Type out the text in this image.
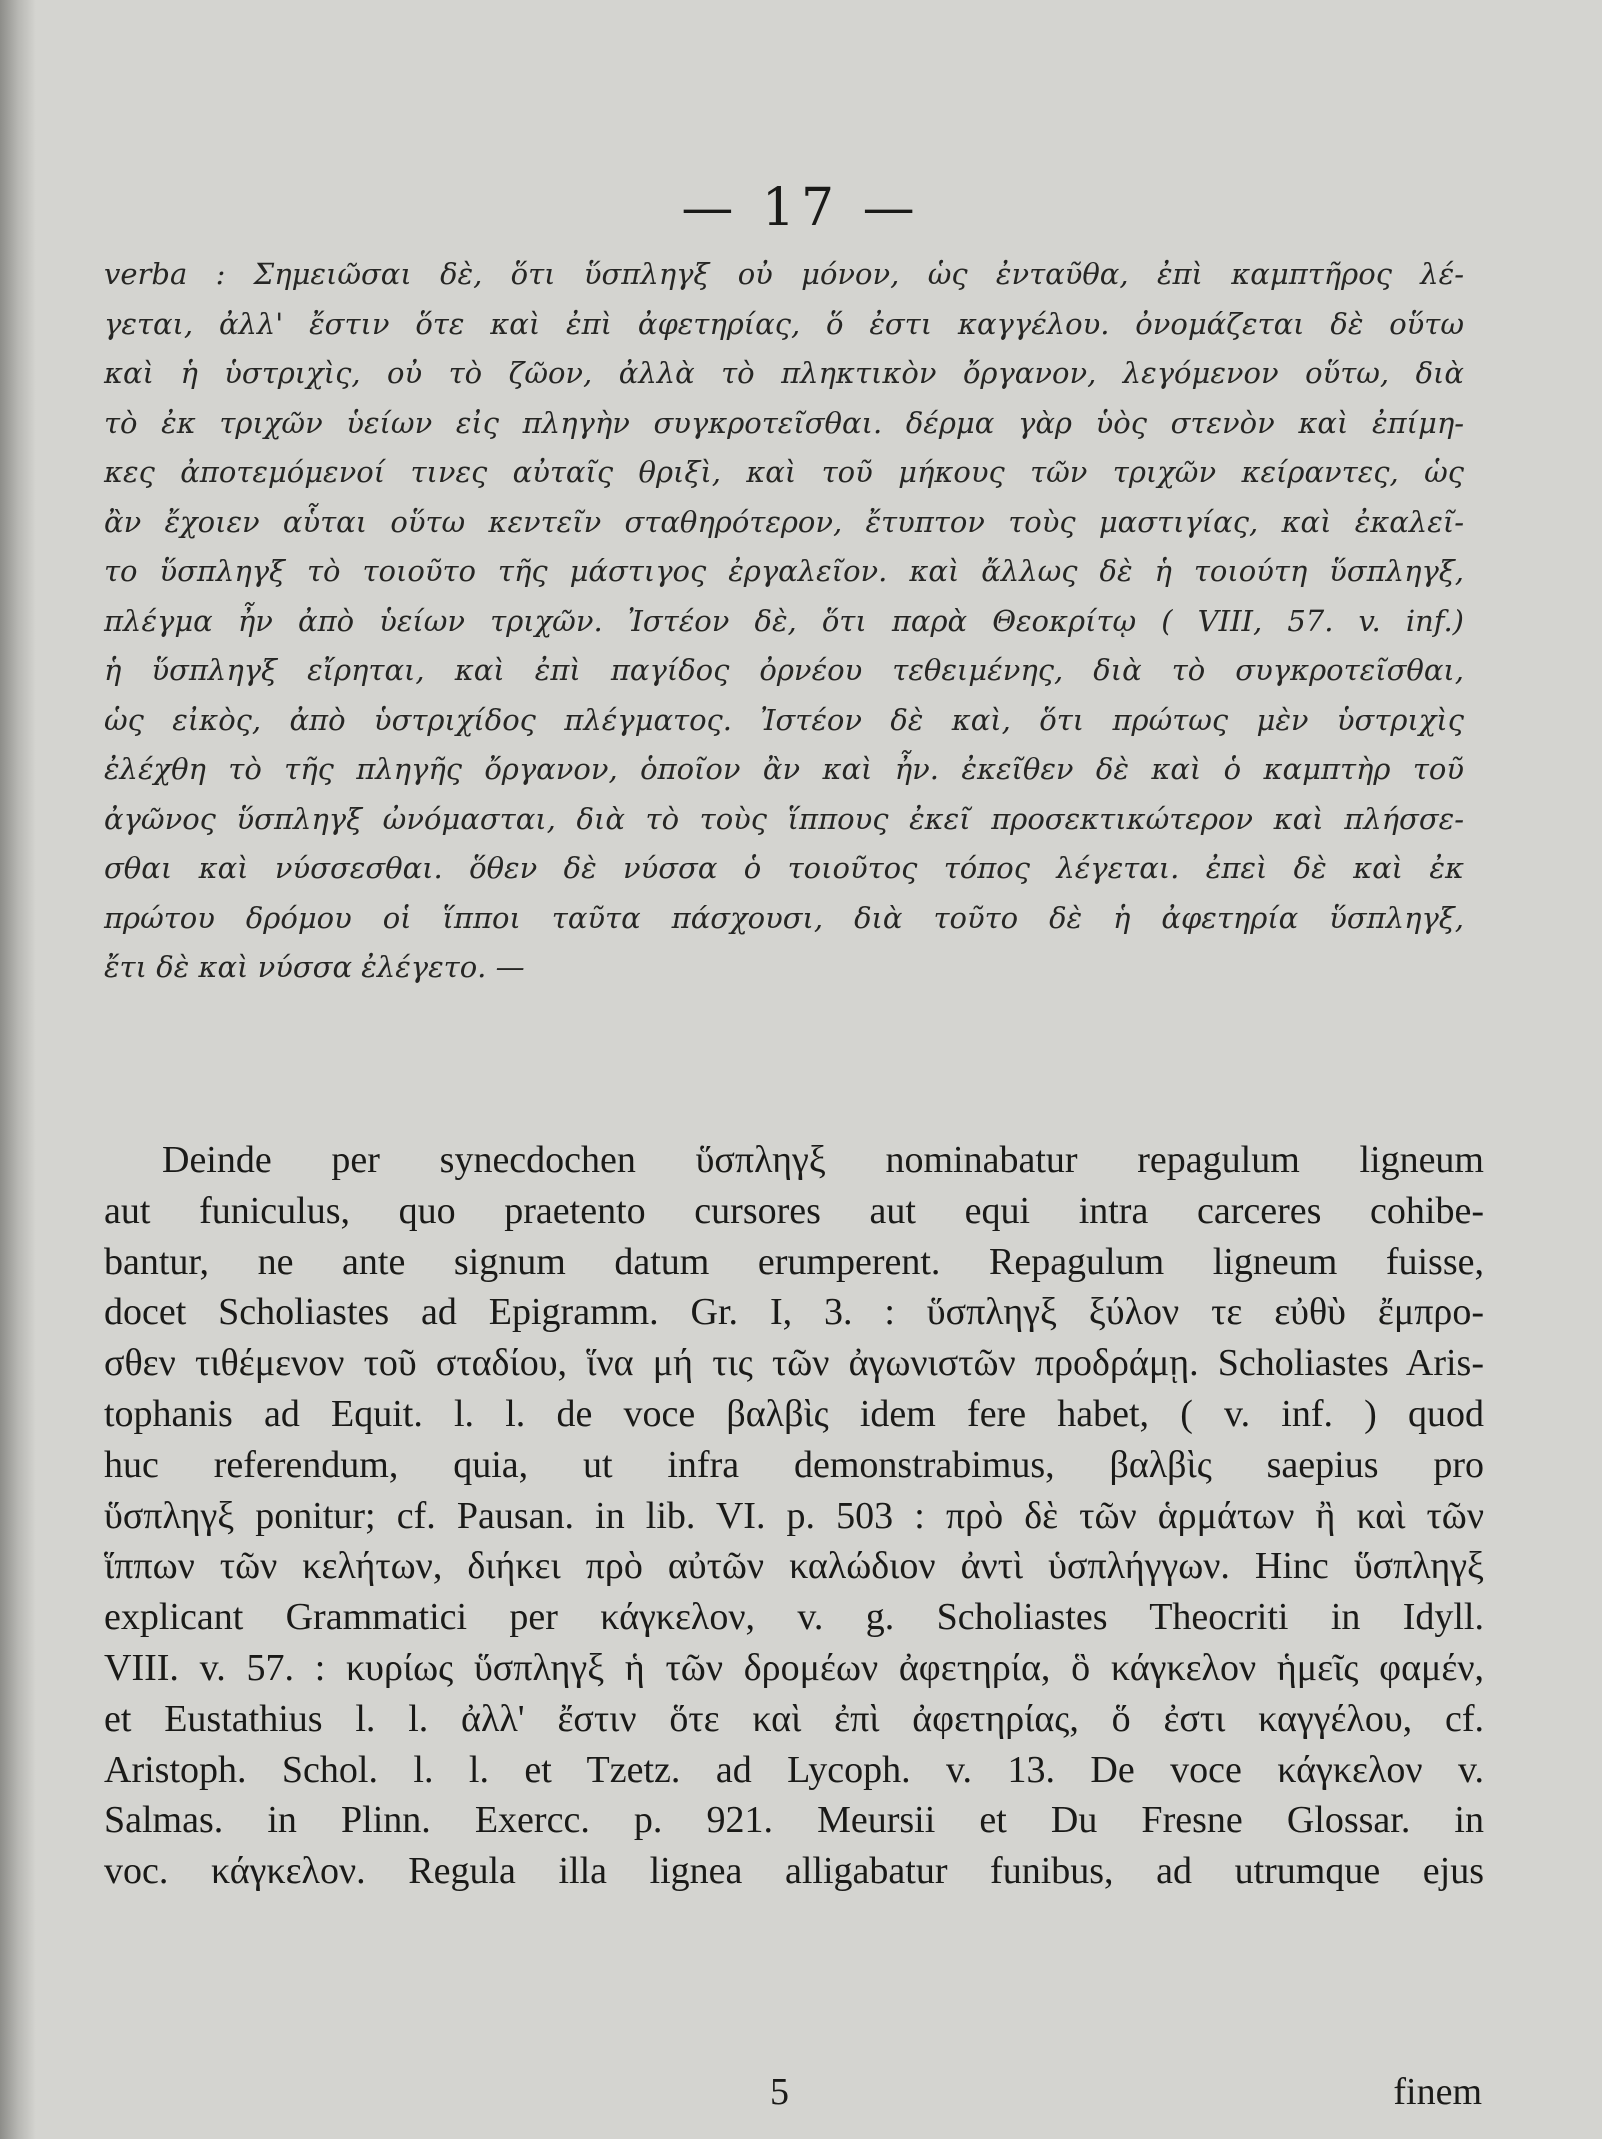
— 17 —
verba : Σημειῶσαι δὲ, ὅτι ὕσπληγξ οὐ μόνον, ὡς ἐνταῦθα, ἐπὶ καμπτῆρος λέ-
γεται, ἀλλ' ἔστιν ὅτε καὶ ἐπὶ ἀφετηρίας, ὅ ἐστι καγγέλου. ὀνομάζεται δὲ οὕτω
καὶ ἡ ὑστριχὶς, οὐ τὸ ζῶον, ἀλλὰ τὸ πληκτικὸν ὄργανον, λεγόμενον οὕτω, διὰ
τὸ ἐκ τριχῶν ὑείων εἰς πληγὴν συγκροτεῖσθαι. δέρμα γὰρ ὑὸς στενὸν καὶ ἐπίμη-
κες ἀποτεμόμενοί τινες αὐταῖς θριξὶ, καὶ τοῦ μήκους τῶν τριχῶν κείραντες, ὡς
ἂν ἔχοιεν αὗται οὕτω κεντεῖν σταθηρότερον, ἔτυπτον τοὺς μαστιγίας, καὶ ἐκαλεῖ-
το ὕσπληγξ τὸ τοιοῦτο τῆς μάστιγος ἐργαλεῖον. καὶ ἄλλως δὲ ἡ τοιούτη ὕσπληγξ,
πλέγμα ἦν ἀπὸ ὑείων τριχῶν. Ἰστέον δὲ, ὅτι παρὰ Θεοκρίτῳ ( VIII, 57. v. inf.)
ἡ ὕσπληγξ εἴρηται, καὶ ἐπὶ παγίδος ὀρνέου τεθειμένης, διὰ τὸ συγκροτεῖσθαι,
ὡς εἰκὸς, ἀπὸ ὑστριχίδος πλέγματος. Ἰστέον δὲ καὶ, ὅτι πρώτως μὲν ὑστριχὶς
ἐλέχθη τὸ τῆς πληγῆς ὄργανον, ὁποῖον ἂν καὶ ἦν. ἐκεῖθεν δὲ καὶ ὁ καμπτὴρ τοῦ
ἀγῶνος ὕσπληγξ ὠνόμασται, διὰ τὸ τοὺς ἵππους ἐκεῖ προσεκτικώτερον καὶ πλήσσε-
σθαι καὶ νύσσεσθαι. ὅθεν δὲ νύσσα ὁ τοιοῦτος τόπος λέγεται. ἐπεὶ δὲ καὶ ἐκ
πρώτου δρόμου οἱ ἵπποι ταῦτα πάσχουσι, διὰ τοῦτο δὲ ἡ ἀφετηρία ὕσπληγξ,
ἔτι δὲ καὶ νύσσα ἐλέγετο. —
Deinde per synecdochen ὕσπληγξ nominabatur repagulum ligneum
aut funiculus, quo praetento cursores aut equi intra carceres cohibe-
bantur, ne ante signum datum erumperent. Repagulum ligneum fuisse,
docet Scholiastes ad Epigramm. Gr. I, 3. : ὕσπληγξ ξύλον τε εὐθὺ ἔμπρο-
σθεν τιθέμενον τοῦ σταδίου, ἵνα μή τις τῶν ἀγωνιστῶν προδράμῃ. Scholiastes Aris-
tophanis ad Equit. l. l. de voce βαλβὶς idem fere habet, ( v. inf. ) quod
huc referendum, quia, ut infra demonstrabimus, βαλβὶς saepius pro
ὕσπληγξ ponitur; cf. Pausan. in lib. VI. p. 503 : πρὸ δὲ τῶν ἁρμάτων ἢ καὶ τῶν
ἵππων τῶν κελήτων, διήκει πρὸ αὐτῶν καλώδιον ἀντὶ ὑσπλήγγων. Hinc ὕσπληγξ
explicant Grammatici per κάγκελον, v. g. Scholiastes Theocriti in Idyll.
VIII. v. 57. : κυρίως ὕσπληγξ ἡ τῶν δρομέων ἀφετηρία, ὃ κάγκελον ἡμεῖς φαμέν,
et Eustathius l. l. ἀλλ' ἔστιν ὅτε καὶ ἐπὶ ἀφετηρίας, ὅ ἐστι καγγέλου, cf.
Aristoph. Schol. l. l. et Tzetz. ad Lycoph. v. 13. De voce κάγκελον v.
Salmas. in Plinn. Exercc. p. 921. Meursii et Du Fresne Glossar. in
voc. κάγκελον. Regula illa lignea alligabatur funibus, ad utrumque ejus
5	finem
